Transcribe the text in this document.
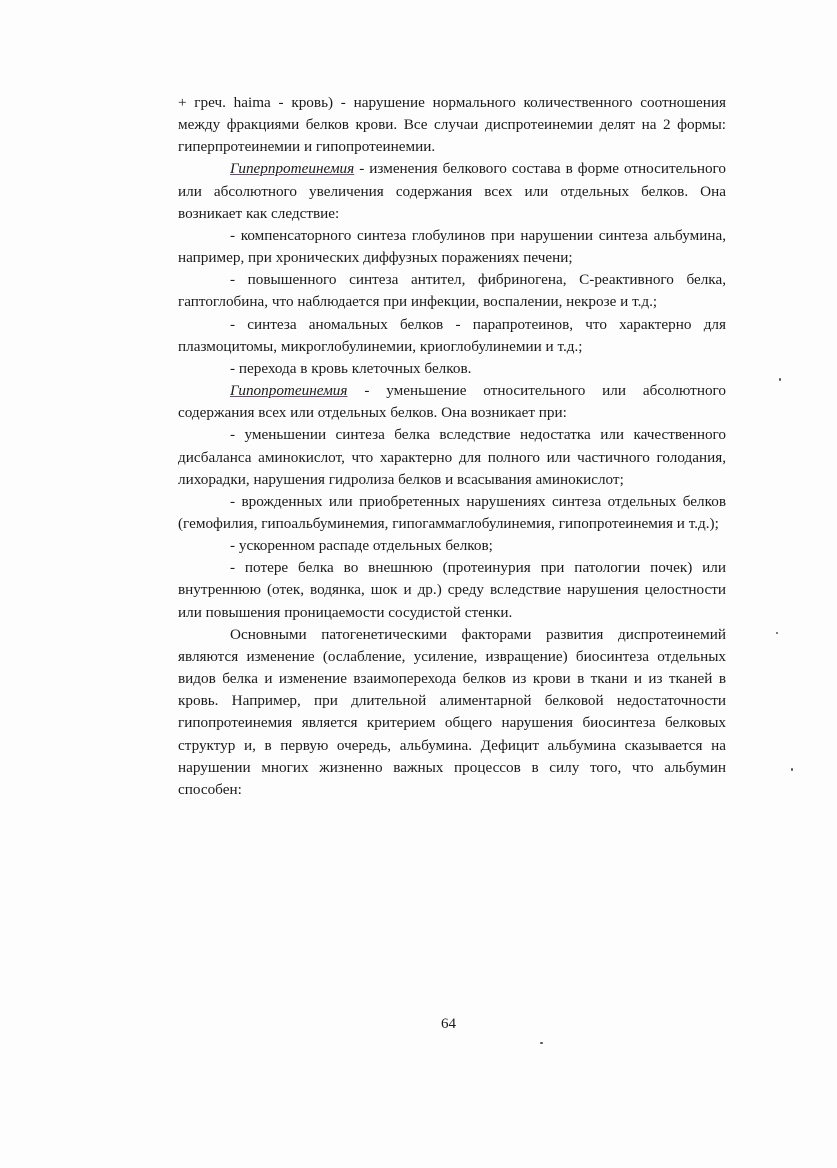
+ греч. haima - кровь) - нарушение нормального количественного соотношения между фракциями белков крови. Все случаи диспротеинемии делят на 2 формы: гиперпротеинемии и гипопротеинемии.

Гиперпротеинемия - изменения белкового состава в форме относительного или абсолютного увеличения содержания всех или отдельных белков. Она возникает как следствие:

- компенсаторного синтеза глобулинов при нарушении синтеза альбумина, например, при хронических диффузных поражениях печени;

- повышенного синтеза антител, фибриногена, С-реактивного белка, гаптоглобина, что наблюдается при инфекции, воспалении, некрозе и т.д.;

- синтеза аномальных белков - парапротеинов, что характерно для плазмоцитомы, микроглобулинемии, криоглобулинемии и т.д.;

- перехода в кровь клеточных белков.

Гипопротеинемия - уменьшение относительного или абсолютного содержания всех или отдельных белков. Она возникает при:

- уменьшении синтеза белка вследствие недостатка или качественного дисбаланса аминокислот, что характерно для полного или частичного голодания, лихорадки, нарушения гидролиза белков и всасывания аминокислот;

- врожденных или приобретенных нарушениях синтеза отдельных белков (гемофилия, гипоальбуминемия, гипогаммаглобулинемия, гипопротеинемия и т.д.);

- ускоренном распаде отдельных белков;

- потере белка во внешнюю (протеинурия при патологии почек) или внутреннюю (отек, водянка, шок и др.) среду вследствие нарушения целостности или повышения проницаемости сосудистой стенки.

Основными патогенетическими факторами развития диспротеинемий являются изменение (ослабление, усиление, извращение) биосинтеза отдельных видов белка и изменение взаимоперехода белков из крови в ткани и из тканей в кровь. Например, при длительной алиментарной белковой недостаточности гипопротеинемия является критерием общего нарушения биосинтеза белковых структур и, в первую очередь, альбумина. Дефицит альбумина сказывается на нарушении многих жизненно важных процессов в силу того, что альбумин способен:

64
